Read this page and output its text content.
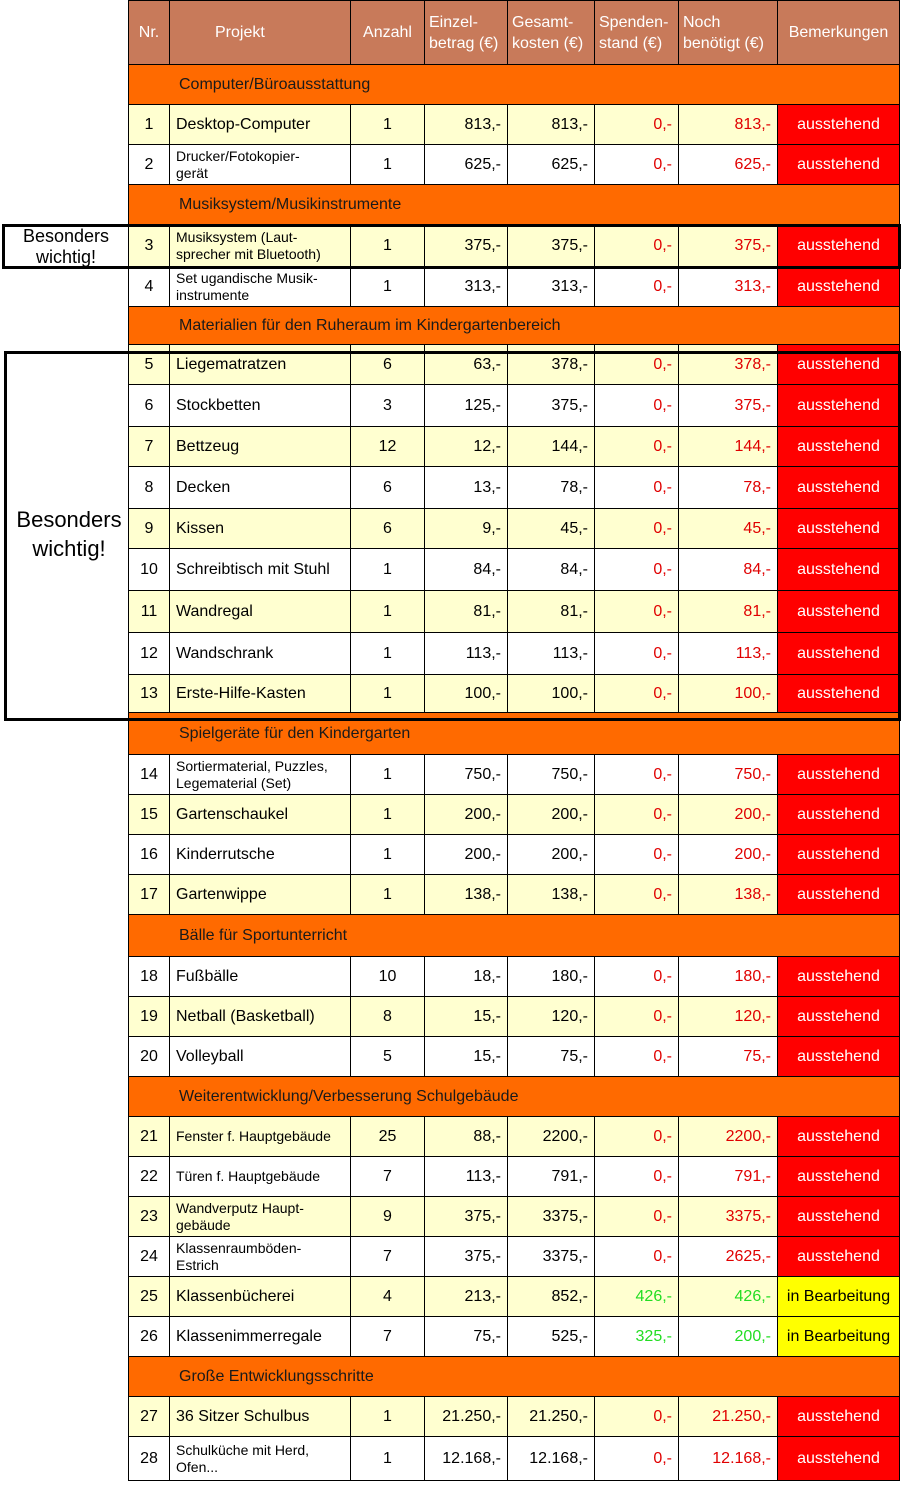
Nr.	Projekt	Anzahl	Einzel-
betrag (€)	Gesamt-
kosten (€)	Spenden-
stand (€)	Noch
benötigt (€)	Bemerkungen
Computer/Büroausstattung							
1	Desktop-Computer	1	813,-	813,-	0,-	813,-	ausstehend
2	Drucker/Fotokopier-
gerät	1	625,-	625,-	0,-	625,-	ausstehend
Musiksystem/Musikinstrumente							
3	Musiksystem (Laut-
sprecher mit Bluetooth)	1	375,-	375,-	0,-	375,-	ausstehend
4	Set ugandische Musik-
instrumente	1	313,-	313,-	0,-	313,-	ausstehend
Materialien für den Ruheraum im Kindergartenbereich							
5	Liegematratzen	6	63,-	378,-	0,-	378,-	ausstehend
6	Stockbetten	3	125,-	375,-	0,-	375,-	ausstehend
7	Bettzeug	12	12,-	144,-	0,-	144,-	ausstehend
8	Decken	6	13,-	78,-	0,-	78,-	ausstehend
9	Kissen	6	9,-	45,-	0,-	45,-	ausstehend
10	Schreibtisch mit Stuhl	1	84,-	84,-	0,-	84,-	ausstehend
11	Wandregal	1	81,-	81,-	0,-	81,-	ausstehend
12	Wandschrank	1	113,-	113,-	0,-	113,-	ausstehend
13	Erste-Hilfe-Kasten	1	100,-	100,-	0,-	100,-	ausstehend
Spielgeräte für den Kindergarten							
14	Sortiermaterial, Puzzles,
Legematerial (Set)	1	750,-	750,-	0,-	750,-	ausstehend
15	Gartenschaukel	1	200,-	200,-	0,-	200,-	ausstehend
16	Kinderrutsche	1	200,-	200,-	0,-	200,-	ausstehend
17	Gartenwippe	1	138,-	138,-	0,-	138,-	ausstehend
Bälle für Sportunterricht							
18	Fußbälle	10	18,-	180,-	0,-	180,-	ausstehend
19	Netball (Basketball)	8	15,-	120,-	0,-	120,-	ausstehend
20	Volleyball	5	15,-	75,-	0,-	75,-	ausstehend
Weiterentwicklung/Verbesserung Schulgebäude							
21	Fenster f. Hauptgebäude	25	88,-	2200,-	0,-	2200,-	ausstehend
22	Türen f. Hauptgebäude	7	113,-	791,-	0,-	791,-	ausstehend
23	Wandverputz Haupt-
gebäude	9	375,-	3375,-	0,-	3375,-	ausstehend
24	Klassenraumböden-
Estrich	7	375,-	3375,-	0,-	2625,-	ausstehend
25	Klassenbücherei	4	213,-	852,-	426,-	426,-	in Bearbeitung
26	Klassenimmerregale	7	75,-	525,-	325,-	200,-	in Bearbeitung
Große Entwicklungsschritte							
27	36 Sitzer Schulbus	1	21.250,-	21.250,-	0,-	21.250,-	ausstehend
28	Schulküche mit Herd,
Ofen...	1	12.168,-	12.168,-	0,-	12.168,-	ausstehend
Besonders
wichtig!
Besonders
wichtig!
